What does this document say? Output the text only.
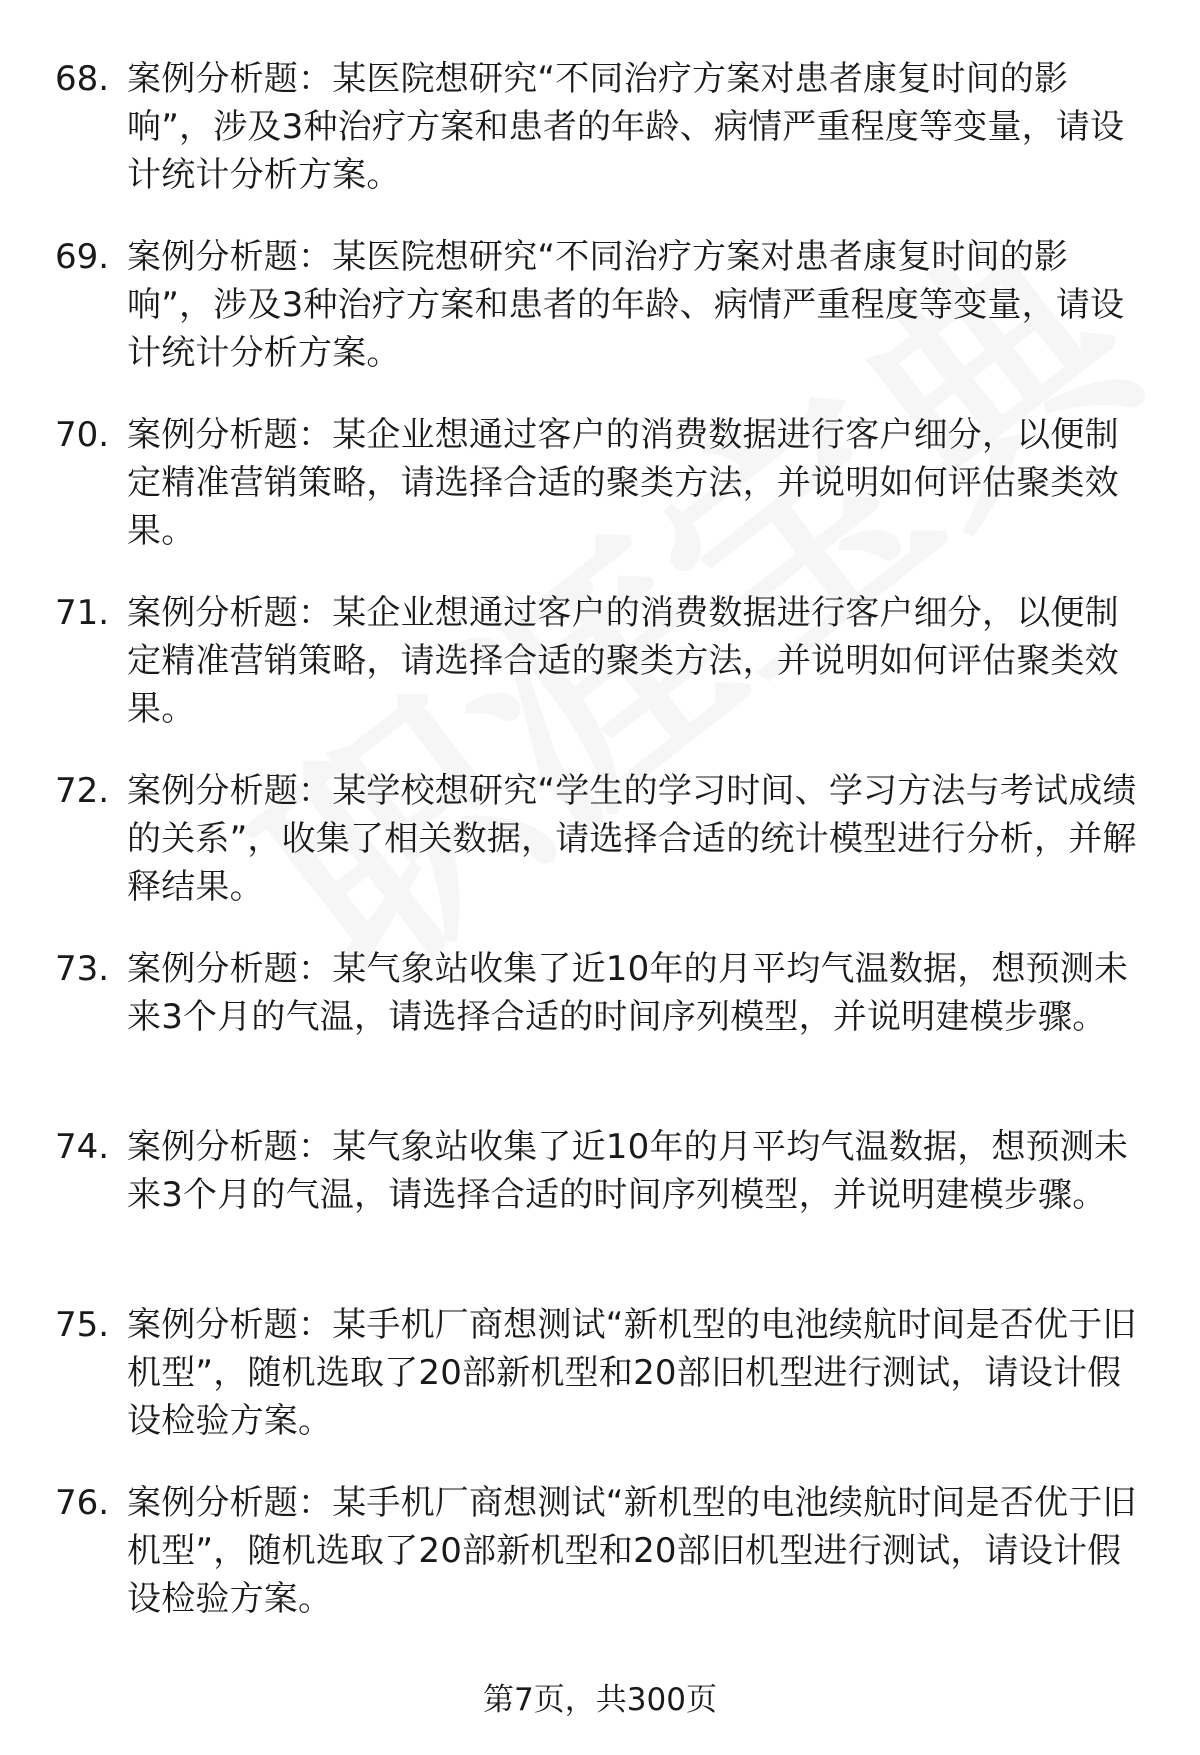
68. 案例分析题：某医院想研究“不同治疗方案对患者康复时间的影响”，涉及3种治疗方案和患者的年龄、病情严重程度等变量，请设计统计分析方案。
69. 案例分析题：某医院想研究“不同治疗方案对患者康复时间的影响”，涉及3种治疗方案和患者的年龄、病情严重程度等变量，请设计统计分析方案。
70. 案例分析题：某企业想通过客户的消费数据进行客户细分，以便制定精准营销策略，请选择合适的聚类方法，并说明如何评估聚类效果。
71. 案例分析题：某企业想通过客户的消费数据进行客户细分，以便制定精准营销策略，请选择合适的聚类方法，并说明如何评估聚类效果。
72. 案例分析题：某学校想研究“学生的学习时间、学习方法与考试成绩的关系”，收集了相关数据，请选择合适的统计模型进行分析，并解释结果。
73. 案例分析题：某气象站收集了近10年的月平均气温数据，想预测未来3个月的气温，请选择合适的时间序列模型，并说明建模步骤。
74. 案例分析题：某气象站收集了近10年的月平均气温数据，想预测未来3个月的气温，请选择合适的时间序列模型，并说明建模步骤。
75. 案例分析题：某手机厂商想测试“新机型的电池续航时间是否优于旧机型”，随机选取了20部新机型和20部旧机型进行测试，请设计假设检验方案。
76. 案例分析题：某手机厂商想测试“新机型的电池续航时间是否优于旧机型”，随机选取了20部新机型和20部旧机型进行测试，请设计假设检验方案。
第7页，共300页
